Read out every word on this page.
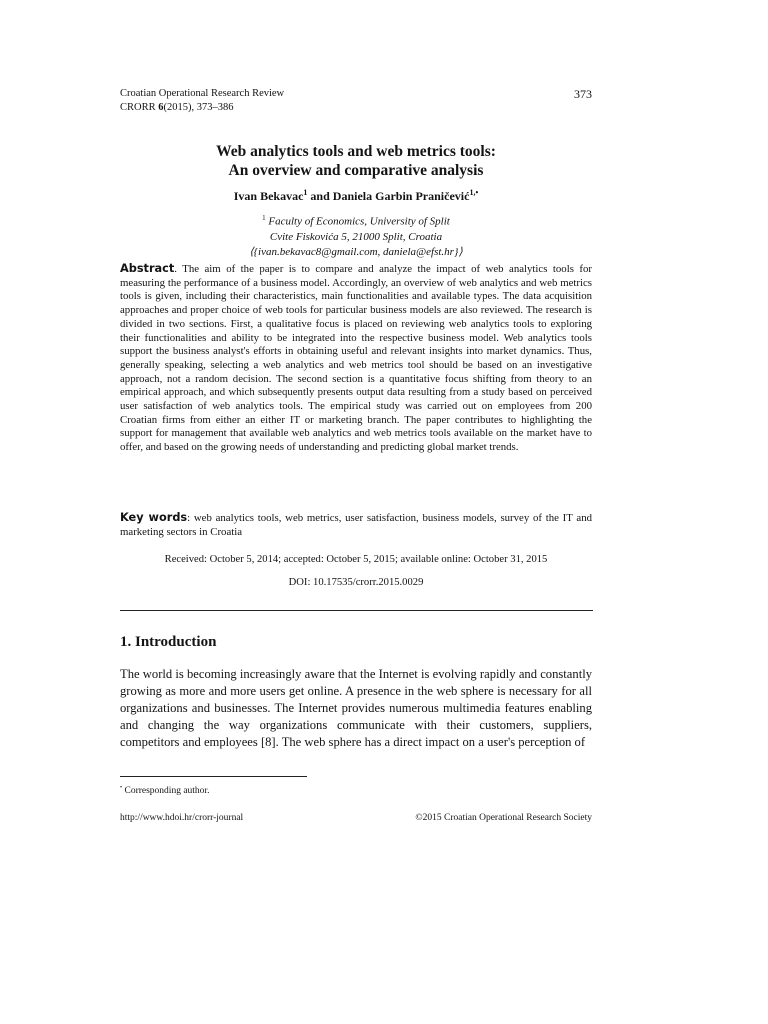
Croatian Operational Research Review
CRORR 6(2015), 373–386
373
Web analytics tools and web metrics tools:
An overview and comparative analysis
Ivan Bekavac$^1$ and Daniela Garbin Praničević$^{1,•}$
$^1$ Faculty of Economics, University of Split
Cvite Fiskovića 5, 21000 Split, Croatia
⟨{ivan.bekavac8@gmail.com, daniela@efst.hr}⟩
Abstract. The aim of the paper is to compare and analyze the impact of web analytics tools for measuring the performance of a business model. Accordingly, an overview of web analytics and web metrics tools is given, including their characteristics, main functionalities and available types. The data acquisition approaches and proper choice of web tools for particular business models are also reviewed. The research is divided in two sections. First, a qualitative focus is placed on reviewing web analytics tools to exploring their functionalities and ability to be integrated into the respective business model. Web analytics tools support the business analyst's efforts in obtaining useful and relevant insights into market dynamics. Thus, generally speaking, selecting a web analytics and web metrics tool should be based on an investigative approach, not a random decision. The second section is a quantitative focus shifting from theory to an empirical approach, and which subsequently presents output data resulting from a study based on perceived user satisfaction of web analytics tools. The empirical study was carried out on employees from 200 Croatian firms from either an either IT or marketing branch. The paper contributes to highlighting the support for management that available web analytics and web metrics tools available on the market have to offer, and based on the growing needs of understanding and predicting global market trends.
Key words: web analytics tools, web metrics, user satisfaction, business models, survey of the IT and marketing sectors in Croatia
Received: October 5, 2014; accepted: October 5, 2015; available online: October 31, 2015
DOI: 10.17535/crorr.2015.0029
1. Introduction
The world is becoming increasingly aware that the Internet is evolving rapidly and constantly growing as more and more users get online. A presence in the web sphere is necessary for all organizations and businesses. The Internet provides numerous multimedia features enabling and changing the way organizations communicate with their customers, suppliers, competitors and employees [8]. The web sphere has a direct impact on a user's perception of
• Corresponding author.
http://www.hdoi.hr/crorr-journal	©2015 Croatian Operational Research Society
